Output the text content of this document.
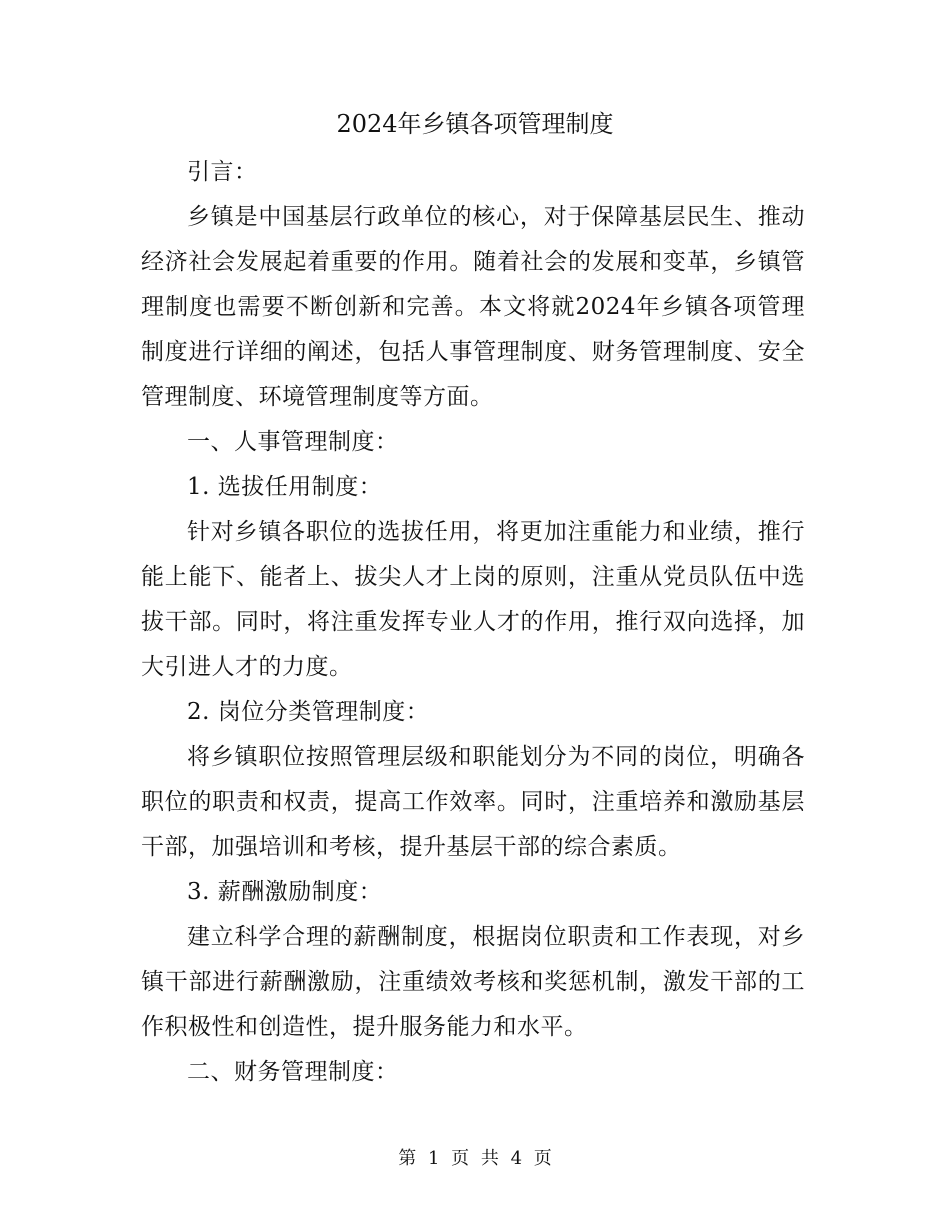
2024年乡镇各项管理制度

引言：

乡镇是中国基层行政单位的核心，对于保障基层民生、推动经济社会发展起着重要的作用。随着社会的发展和变革，乡镇管理制度也需要不断创新和完善。本文将就2024年乡镇各项管理制度进行详细的阐述，包括人事管理制度、财务管理制度、安全管理制度、环境管理制度等方面。

一、人事管理制度：

1. 选拔任用制度：

针对乡镇各职位的选拔任用，将更加注重能力和业绩，推行能上能下、能者上、拔尖人才上岗的原则，注重从党员队伍中选拔干部。同时，将注重发挥专业人才的作用，推行双向选择，加大引进人才的力度。

2. 岗位分类管理制度：

将乡镇职位按照管理层级和职能划分为不同的岗位，明确各职位的职责和权责，提高工作效率。同时，注重培养和激励基层干部，加强培训和考核，提升基层干部的综合素质。

3. 薪酬激励制度：

建立科学合理的薪酬制度，根据岗位职责和工作表现，对乡镇干部进行薪酬激励，注重绩效考核和奖惩机制，激发干部的工作积极性和创造性，提升服务能力和水平。

二、财务管理制度：

第 1 页 共 4 页
